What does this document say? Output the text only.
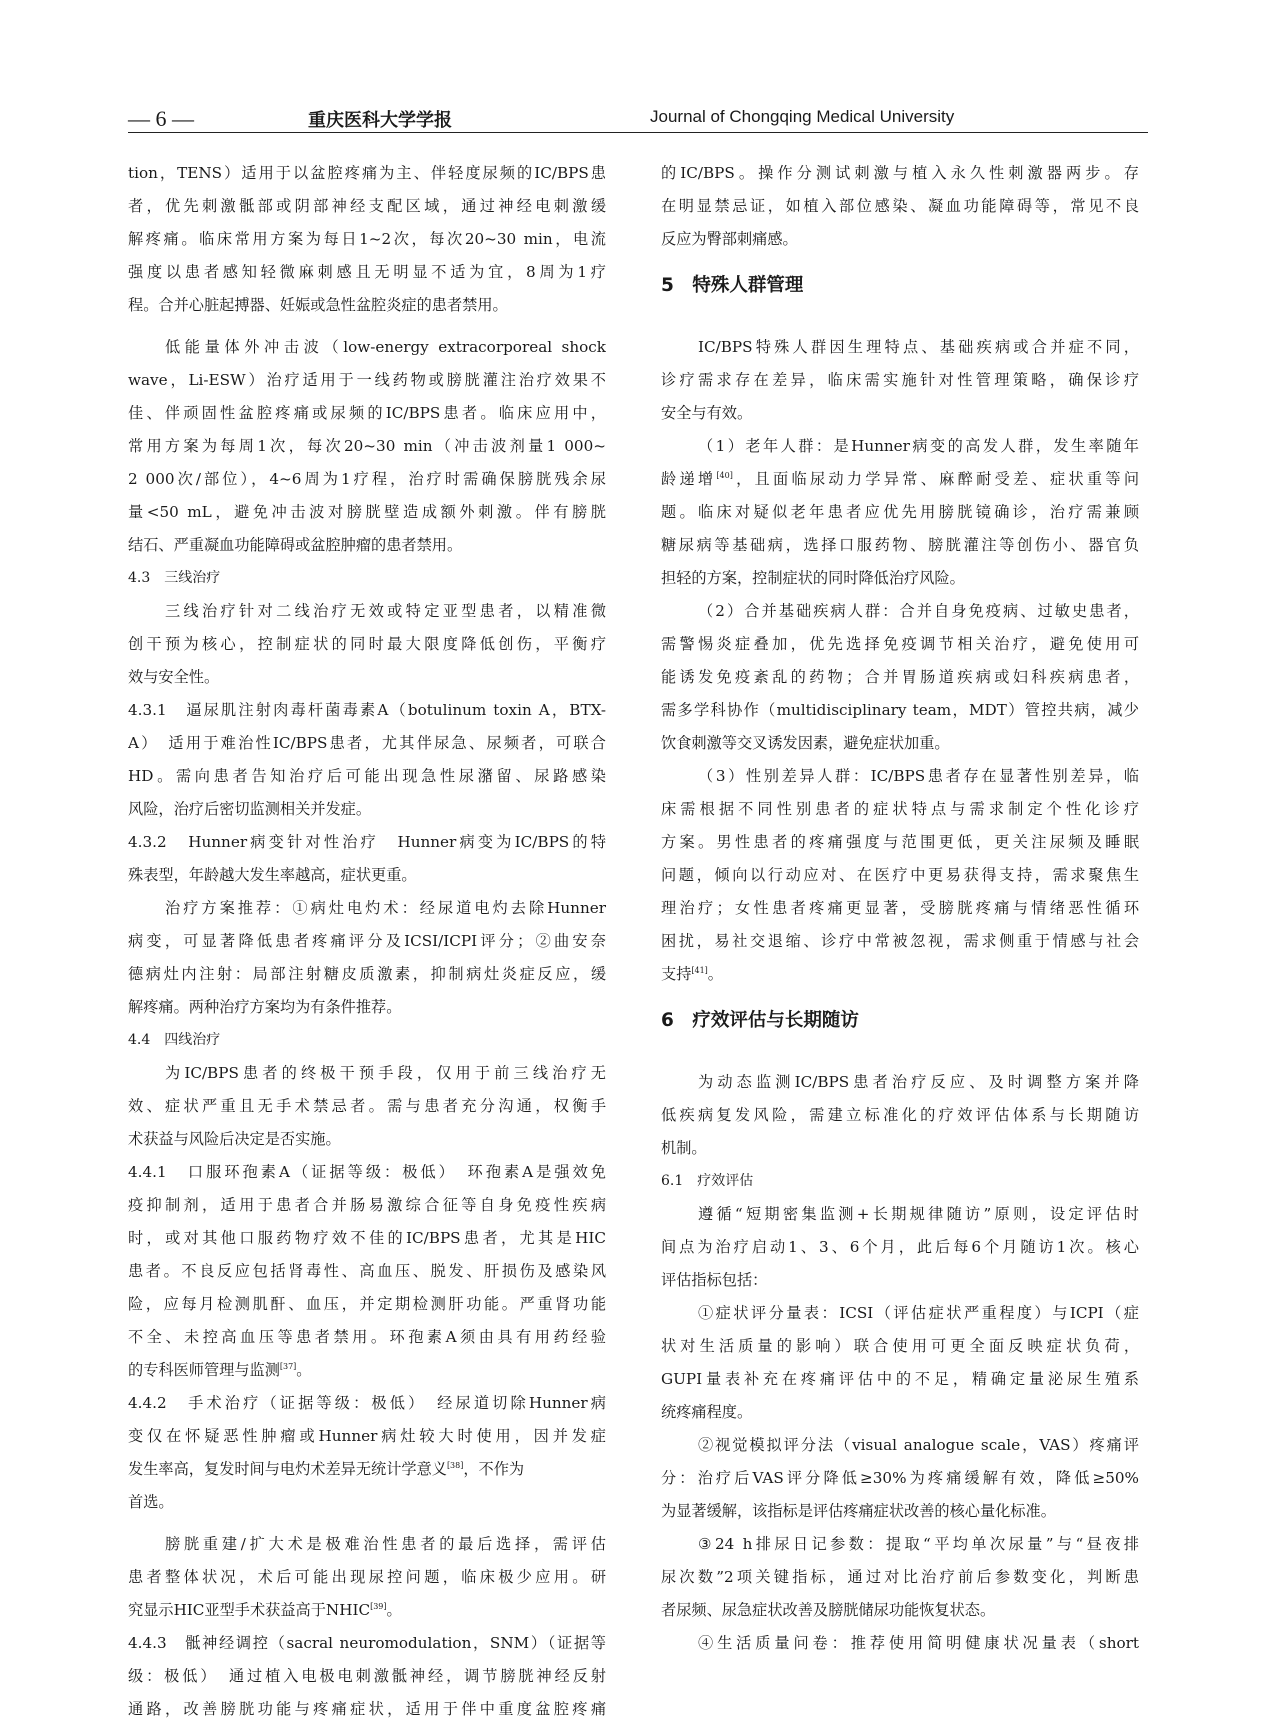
— 6 —	重庆医科大学学报	Journal of Chongqing Medical University
tion，TENS）适用于以盆腔疼痛为主、伴轻度尿频的IC/BPS患
者，优先刺激骶部或阴部神经支配区域，通过神经电刺激缓
解疼痛。临床常用方案为每日1~2次，每次20~30 min，电流
强度以患者感知轻微麻刺感且无明显不适为宜，8周为1疗
程。合并心脏起搏器、妊娠或急性盆腔炎症的患者禁用。
低能量体外冲击波（low-energy extracorporeal shock
wave，Li-ESW）治疗适用于一线药物或膀胱灌注治疗效果不
佳、伴顽固性盆腔疼痛或尿频的IC/BPS患者。临床应用中，
常用方案为每周1次，每次20~30 min（冲击波剂量1 000~
2 000次/部位），4~6周为1疗程，治疗时需确保膀胱残余尿
量<50 mL，避免冲击波对膀胱壁造成额外刺激。伴有膀胱
结石、严重凝血功能障碍或盆腔肿瘤的患者禁用。
4.3　三线治疗
三线治疗针对二线治疗无效或特定亚型患者，以精准微
创干预为核心，控制症状的同时最大限度降低创伤，平衡疗
效与安全性。
4.3.1　逼尿肌注射肉毒杆菌毒素A（botulinum toxin A，BTX-
A）　适用于难治性IC/BPS患者，尤其伴尿急、尿频者，可联合
HD。需向患者告知治疗后可能出现急性尿潴留、尿路感染
风险，治疗后密切监测相关并发症。
4.3.2　Hunner病变针对性治疗　Hunner病变为IC/BPS的特
殊表型，年龄越大发生率越高，症状更重。
治疗方案推荐：①病灶电灼术：经尿道电灼去除Hunner
病变，可显著降低患者疼痛评分及ICSI/ICPI评分；②曲安奈
德病灶内注射：局部注射糖皮质激素，抑制病灶炎症反应，缓
解疼痛。两种治疗方案均为有条件推荐。
4.4　四线治疗
为IC/BPS患者的终极干预手段，仅用于前三线治疗无
效、症状严重且无手术禁忌者。需与患者充分沟通，权衡手
术获益与风险后决定是否实施。
4.4.1　口服环孢素A（证据等级：极低）　环孢素A是强效免
疫抑制剂，适用于患者合并肠易激综合征等自身免疫性疾病
时，或对其他口服药物疗效不佳的IC/BPS患者，尤其是HIC
患者。不良反应包括肾毒性、高血压、脱发、肝损伤及感染风
险，应每月检测肌酐、血压，并定期检测肝功能。严重肾功能
不全、未控高血压等患者禁用。环孢素A须由具有用药经验
的专科医师管理与监测[37]。
4.4.2　手术治疗（证据等级：极低）　经尿道切除Hunner病
变仅在怀疑恶性肿瘤或Hunner病灶较大时使用，因并发症
发生率高，复发时间与电灼术差异无统计学意义[38]，不作为
首选。
膀胱重建/扩大术是极难治性患者的最后选择，需评估
患者整体状况，术后可能出现尿控问题，临床极少应用。研
究显示HIC亚型手术获益高于NHIC[39]。
4.4.3　骶神经调控（sacral neuromodulation，SNM）（证据等
级：极低）　通过植入电极电刺激骶神经，调节膀胱神经反射
通路，改善膀胱功能与疼痛症状，适用于伴中重度盆腔疼痛
的IC/BPS。操作分测试刺激与植入永久性刺激器两步。存
在明显禁忌证，如植入部位感染、凝血功能障碍等，常见不良
反应为臀部刺痛感。
5　特殊人群管理
IC/BPS特殊人群因生理特点、基础疾病或合并症不同，
诊疗需求存在差异，临床需实施针对性管理策略，确保诊疗
安全与有效。
（1）老年人群：是Hunner病变的高发人群，发生率随年
龄递增[40]，且面临尿动力学异常、麻醉耐受差、症状重等问
题。临床对疑似老年患者应优先用膀胱镜确诊，治疗需兼顾
糖尿病等基础病，选择口服药物、膀胱灌注等创伤小、器官负
担轻的方案，控制症状的同时降低治疗风险。
（2）合并基础疾病人群：合并自身免疫病、过敏史患者，
需警惕炎症叠加，优先选择免疫调节相关治疗，避免使用可
能诱发免疫紊乱的药物；合并胃肠道疾病或妇科疾病患者，
需多学科协作（multidisciplinary team，MDT）管控共病，减少
饮食刺激等交叉诱发因素，避免症状加重。
（3）性别差异人群：IC/BPS患者存在显著性别差异，临
床需根据不同性别患者的症状特点与需求制定个性化诊疗
方案。男性患者的疼痛强度与范围更低，更关注尿频及睡眠
问题，倾向以行动应对、在医疗中更易获得支持，需求聚焦生
理治疗；女性患者疼痛更显著，受膀胱疼痛与情绪恶性循环
困扰，易社交退缩、诊疗中常被忽视，需求侧重于情感与社会
支持[41]。
6　疗效评估与长期随访
为动态监测IC/BPS患者治疗反应、及时调整方案并降
低疾病复发风险，需建立标准化的疗效评估体系与长期随访
机制。
6.1　疗效评估
遵循“短期密集监测+长期规律随访”原则，设定评估时
间点为治疗启动1、3、6个月，此后每6个月随访1次。核心
评估指标包括：
①症状评分量表：ICSI（评估症状严重程度）与ICPI（症
状对生活质量的影响）联合使用可更全面反映症状负荷，
GUPI量表补充在疼痛评估中的不足，精确定量泌尿生殖系
统疼痛程度。
②视觉模拟评分法（visual analogue scale，VAS）疼痛评
分：治疗后VAS评分降低≥30%为疼痛缓解有效，降低≥50%
为显著缓解，该指标是评估疼痛症状改善的核心量化标准。
③24 h排尿日记参数：提取“平均单次尿量”与“昼夜排
尿次数”2项关键指标，通过对比治疗前后参数变化，判断患
者尿频、尿急症状改善及膀胱储尿功能恢复状态。
④生活质量问卷：推荐使用简明健康状况量表（short
